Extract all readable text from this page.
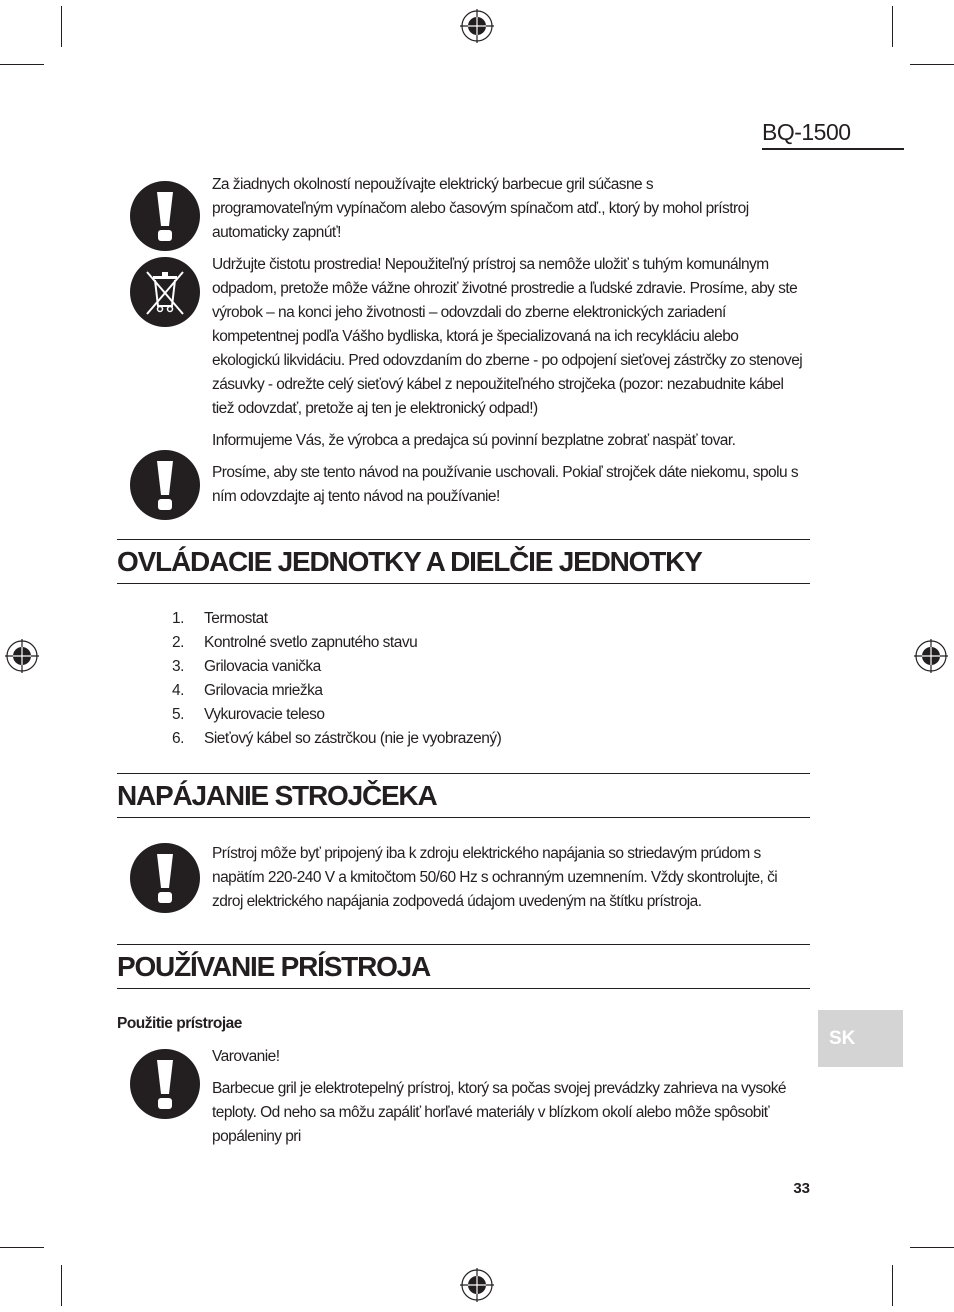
BQ-1500

Za žiadnych okolností nepoužívajte elektrický barbecue gril súčasne s programovateľným vypínačom alebo časovým spínačom atď., ktorý by mohol prístroj automaticky zapnúť!

Udržujte čistotu prostredia! Nepoužiteľný prístroj sa nemôže uložiť s tuhým komunálnym odpadom, pretože môže vážne ohroziť životné prostredie a ľudské zdravie. Prosíme, aby ste výrobok – na konci jeho životnosti – odovzdali do zberne elektronických zariadení kompetentnej podľa Vášho bydliska, ktorá je špecializovaná na ich recykláciu alebo ekologickú likvidáciu. Pred odovzdaním do zberne - po odpojení sieťovej zástrčky zo stenovej zásuvky - odrežte celý sieťový kábel z nepoužiteľného strojčeka (pozor: nezabudnite kábel tiež odovzdať, pretože aj ten je elektronický odpad!)

Informujeme Vás, že výrobca a predajca sú povinní bezplatne zobrať naspäť tovar.

Prosíme, aby ste tento návod na používanie uschovali. Pokiaľ strojček dáte niekomu, spolu s ním odovzdajte aj tento návod na používanie!

OVLÁDACIE JEDNOTKY A DIELČIE JEDNOTKY
1.	Termostat
2.	Kontrolné svetlo zapnutého stavu
3.	Grilovacia vanička
4.	Grilovacia mriežka
5.	Vykurovacie teleso
6.	Sieťový kábel so zástrčkou (nie je vyobrazený)
NAPÁJANIE STROJČEKA

Prístroj môže byť pripojený iba k zdroju elektrického napájania so striedavým prúdom s napätím 220-240 V a kmitočtom 50/60 Hz s ochranným uzemnením. Vždy skontrolujte, či zdroj elektrického napájania zodpovedá údajom uvedeným na štítku prístroja.

POUŽÍVANIE PRÍSTROJA
Použitie prístrojae

Varovanie!

Barbecue gril je elektrotepelný prístroj, ktorý sa počas svojej prevádzky zahrieva na vysoké teploty. Od neho sa môžu zapáliť horľavé materiály v blízkom okolí alebo môže spôsobiť popáleniny pri

SK
33
